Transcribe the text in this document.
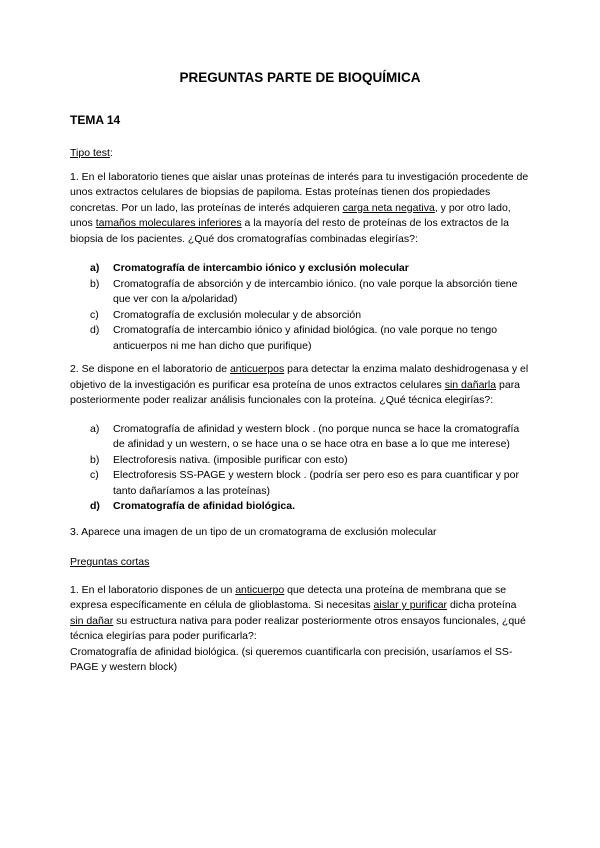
PREGUNTAS PARTE DE BIOQUÍMICA
TEMA 14

Tipo test:

1. En el laboratorio tienes que aislar unas proteínas de interés para tu investigación procedente de unos extractos celulares de biopsias de papiloma. Estas proteínas tienen dos propiedades concretas. Por un lado, las proteínas de interés adquieren carga neta negativa, y por otro lado, unos tamaños moleculares inferiores a la mayoría del resto de proteínas de los extractos de la biopsia de los pacientes. ¿Qué dos cromatografías combinadas elegirías?:

a)	Cromatografía de intercambio iónico y exclusión molecular
b)	Cromatografía de absorción y de intercambio iónico. (no vale porque la absorción tiene que ver con la a/polaridad)
c)	Cromatografía de exclusión molecular y de absorción
d)	Cromatografía de intercambio iónico y afinidad biológica. (no vale porque no tengo anticuerpos ni me han dicho que purifique)

2. Se dispone en el laboratorio de anticuerpos para detectar la enzima malato deshidrogenasa y el objetivo de la investigación es purificar esa proteína de unos extractos celulares sin dañarla para posteriormente poder realizar análisis funcionales con la proteína. ¿Qué técnica elegirías?:

a)	Cromatografía de afinidad y western block . (no porque nunca se hace la cromatografía de afinidad y un western, o se hace una o se hace otra en base a lo que me interese)
b)	Electroforesis nativa. (imposible purificar con esto)
c)	Electroforesis SS-PAGE y western block . (podría ser pero eso es para cuantificar y por tanto dañaríamos a las proteínas)
d)	Cromatografía de afinidad biológica.

3. Aparece una imagen de un tipo de un cromatograma de exclusión molecular

Preguntas cortas

1. En el laboratorio dispones de un anticuerpo que detecta una proteína de membrana que se expresa específicamente en célula de glioblastoma. Si necesitas aislar y purificar dicha proteína sin dañar su estructura nativa para poder realizar posteriormente otros ensayos funcionales, ¿qué técnica elegirías para poder purificarla?:
Cromatografía de afinidad biológica. (si queremos cuantificarla con precisión, usaríamos el SS-PAGE y western block)
